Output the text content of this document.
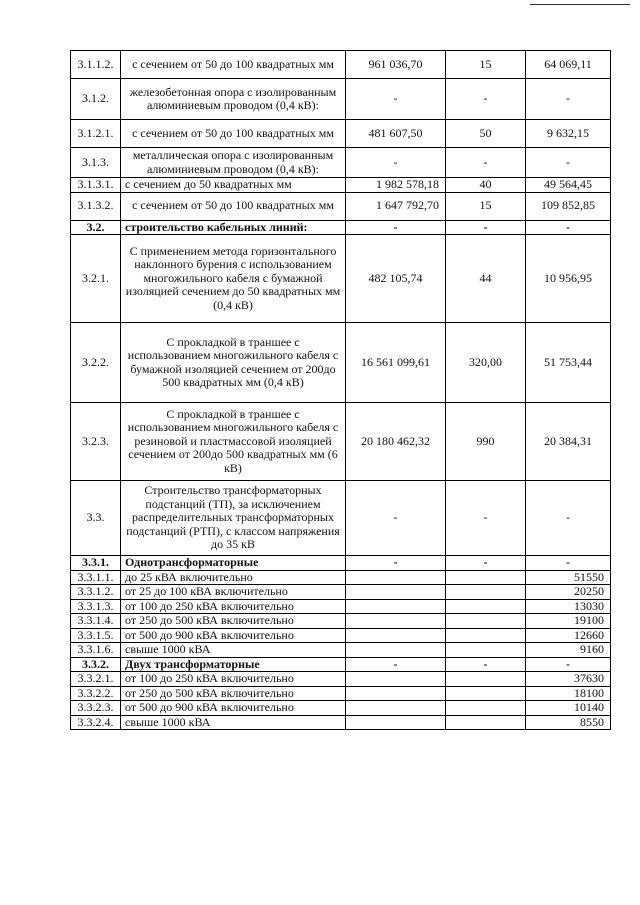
3.1.1.2.	с сечением от 50 до 100 квадратных мм	961 036,70	15	64 069,11
3.1.2.	железобетонная опора с изолированным алюминиевым проводом (0,4 кВ):	-	-	-
3.1.2.1.	с сечением от 50 до 100 квадратных мм	481 607,50	50	9 632,15
3.1.3.	металлическая опора с изолированным алюминиевым проводом (0,4 кВ):	-	-	-
3.1.3.1.	с сечением до 50 квадратных мм	1 982 578,18	40	49 564,45
3.1.3.2.	с сечением от 50 до 100 квадратных мм	1 647 792,70	15	109 852,85
3.2.	строительство кабельных линий:	-	-	-
3.2.1.	С применением метода горизонтального наклонного бурения с использованием многожильного кабеля с бумажной изоляцией сечением до 50 квадратных мм (0,4 кВ)	482 105,74	44	10 956,95
3.2.2.	С прокладкой в траншее с использованием многожильного кабеля с бумажной изоляцией сечением от 200до 500 квадратных мм (0,4 кВ)	16 561 099,61	320,00	51 753,44
3.2.3.	С прокладкой в траншее с использованием многожильного кабеля с резиновой и пластмассовой изоляцией сечением от 200до 500 квадратных мм (6 кВ)	20 180 462,32	990	20 384,31
3.3.	Строительство трансформаторных подстанций (ТП), за исключением распределительных трансформаторных подстанций (РТП), с классом напряжения до 35 кВ	-	-	-
3.3.1.	Однотрансформаторные	-	-	-
3.3.1.1.	до 25 кВА включительно			51550
3.3.1.2.	от 25 до 100 кВА включительно			20250
3.3.1.3.	от 100 до 250 кВА включительно			13030
3.3.1.4.	от 250 до 500 кВА включительно			19100
3.3.1.5.	от 500 до 900 кВА включительно			12660
3.3.1.6.	свыше 1000 кВА			9160
3.3.2.	Двух трансформаторные	-	-	-
3.3.2.1.	от 100 до 250 кВА включительно			37630
3.3.2.2.	от 250 до 500 кВА включительно			18100
3.3.2.3.	от 500 до 900 кВА включительно			10140
3.3.2.4.	свыше 1000 кВА			8550
